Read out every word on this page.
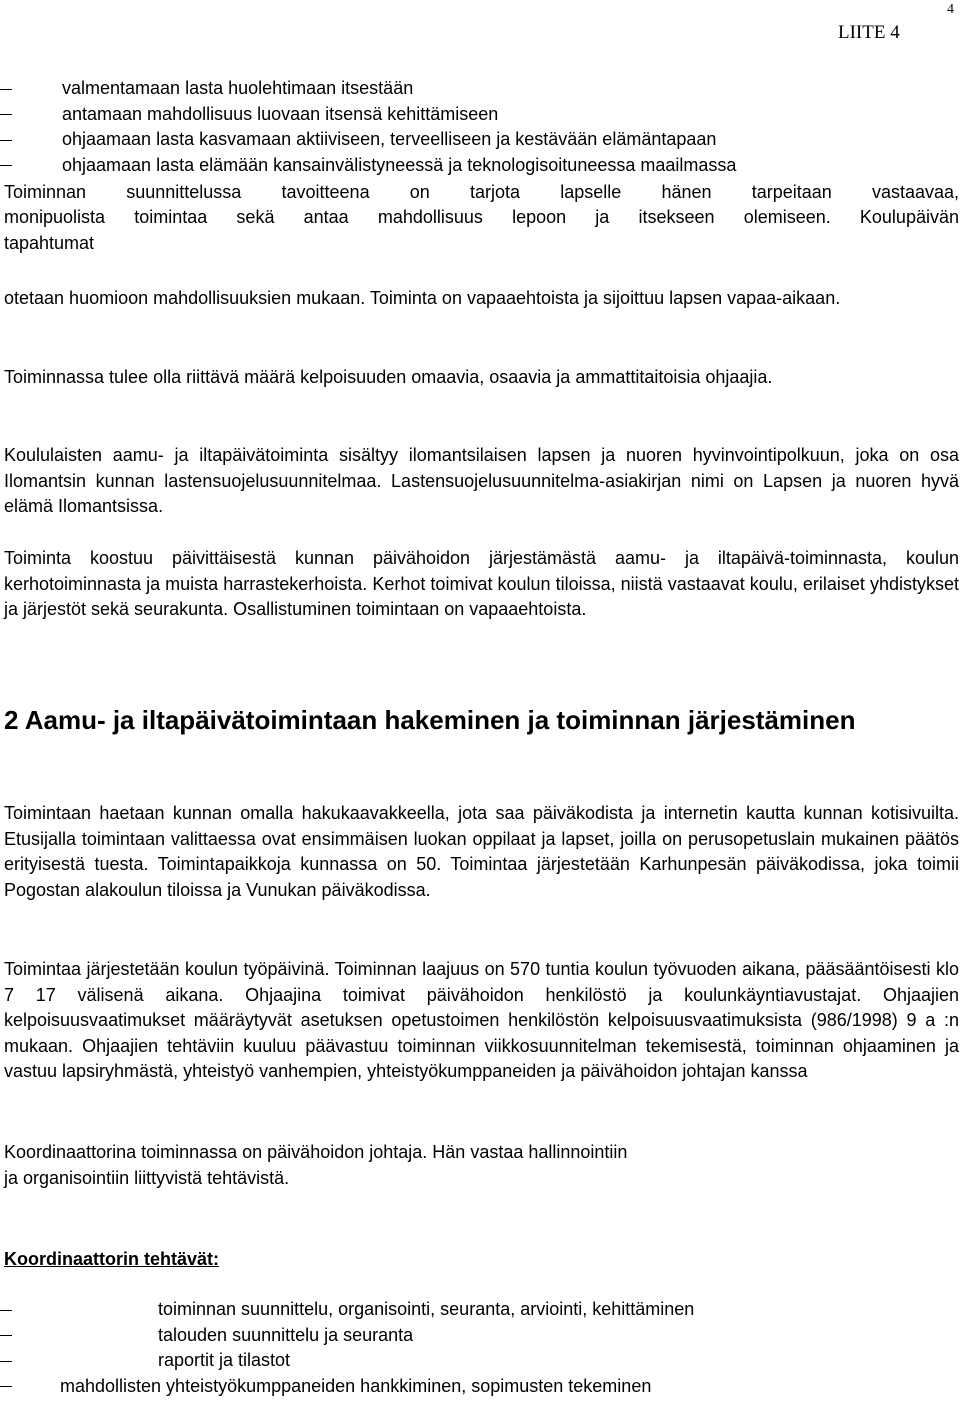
4
LIITE 4
valmentamaan lasta huolehtimaan itsestään
antamaan mahdollisuus luovaan itsensä kehittämiseen
ohjaamaan lasta kasvamaan aktiiviseen, terveelliseen ja kestävään elämäntapaan
ohjaamaan lasta elämään kansainvälistyneessä ja teknologisoituneessa maailmassa

Toiminnan suunnittelussa tavoitteena on tarjota lapselle hänen tarpeitaan vastaavaa,

monipuolista toimintaa sekä antaa mahdollisuus lepoon ja itsekseen olemiseen. Koulupäivän

tapahtumat

otetaan huomioon mahdollisuuksien mukaan. Toiminta on vapaaehtoista ja sijoittuu lapsen vapaa-aikaan.

Toiminnassa tulee olla riittävä määrä kelpoisuuden omaavia, osaavia ja ammattitaitoisia ohjaajia.

Koululaisten aamu- ja iltapäivätoiminta sisältyy ilomantsilaisen lapsen ja nuoren hyvinvointipolkuun, joka on osa Ilomantsin kunnan lastensuojelusuunnitelmaa. Lastensuojelusuunnitelma-asiakirjan nimi on Lapsen ja nuoren hyvä elämä Ilomantsissa.

Toiminta koostuu päivittäisestä kunnan päivähoidon järjestämästä aamu- ja iltapäivä-toiminnasta, koulun kerhotoiminnasta ja muista harrastekerhoista. Kerhot toimivat koulun tiloissa, niistä vastaavat koulu, erilaiset yhdistykset ja järjestöt sekä seurakunta. Osallistuminen toimintaan on vapaaehtoista.

2 Aamu- ja iltapäivätoimintaan hakeminen ja toiminnan järjestäminen

Toimintaan haetaan kunnan omalla hakukaavakkeella, jota saa päiväkodista ja internetin kautta kunnan kotisivuilta. Etusijalla toimintaan valittaessa ovat ensimmäisen luokan oppilaat ja lapset, joilla on perusopetuslain mukainen päätös erityisestä tuesta. Toimintapaikkoja kunnassa on 50. Toimintaa järjestetään Karhunpesän päiväkodissa, joka toimii Pogostan alakoulun tiloissa ja Vunukan päiväkodissa.

Toimintaa järjestetään koulun työpäivinä. Toiminnan laajuus on 570 tuntia koulun työvuoden aikana, pääsääntöisesti klo 7 17 välisenä aikana. Ohjaajina toimivat päivähoidon henkilöstö ja koulunkäyntiavustajat. Ohjaajien kelpoisuusvaatimukset määräytyvät asetuksen opetustoimen henkilöstön kelpoisuusvaatimuksista (986/1998) 9 a :n mukaan. Ohjaajien tehtäviin kuuluu päävastuu toiminnan viikkosuunnitelman tekemisestä, toiminnan ohjaaminen ja vastuu lapsiryhmästä, yhteistyö vanhempien, yhteistyökumppaneiden ja päivähoidon johtajan kanssa

Koordinaattorina toiminnassa on päivähoidon johtaja. Hän vastaa hallinnointiin

ja organisointiin liittyvistä tehtävistä.

Koordinaattorin tehtävät:
toiminnan suunnittelu, organisointi, seuranta, arviointi, kehittäminen
talouden suunnittelu ja seuranta
raportit ja tilastot
mahdollisten yhteistyökumppaneiden hankkiminen, sopimusten tekeminen
